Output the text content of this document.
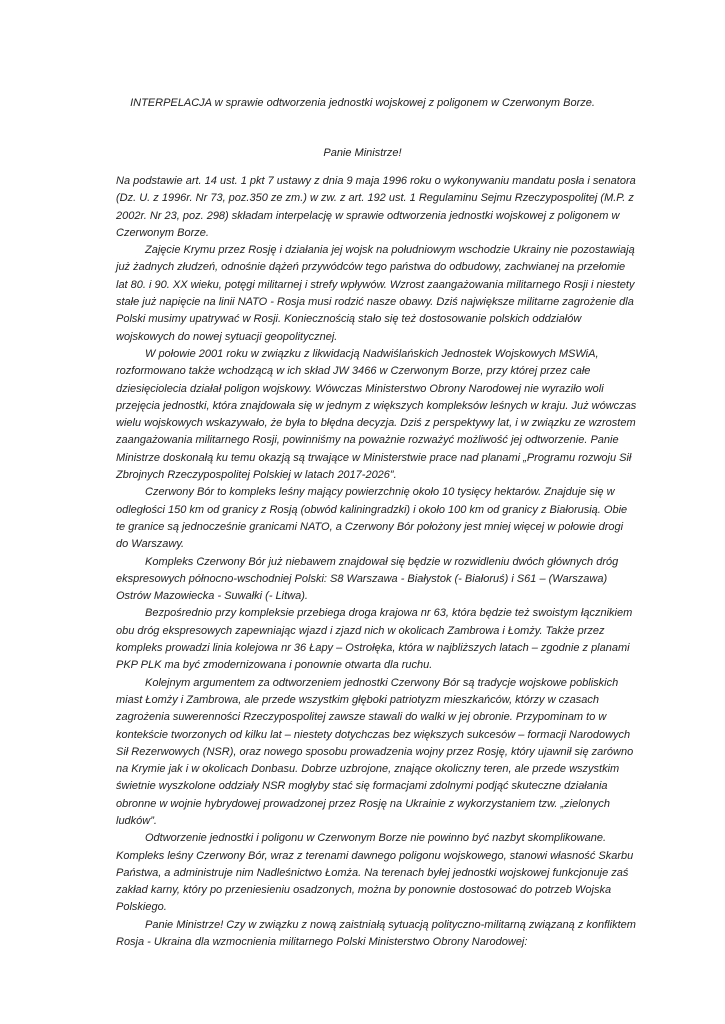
INTERPELACJA w sprawie odtworzenia jednostki wojskowej z poligonem w Czerwonym Borze.
Panie Ministrze!

Na podstawie art. 14 ust. 1 pkt 7 ustawy z dnia 9 maja 1996 roku o wykonywaniu mandatu posła i senatora (Dz. U. z 1996r. Nr 73, poz.350 ze zm.) w zw. z art. 192 ust. 1 Regulaminu Sejmu Rzeczypospolitej (M.P. z 2002r. Nr 23, poz. 298) składam interpelację w sprawie odtworzenia jednostki wojskowej z poligonem w Czerwonym Borze.

Zajęcie Krymu przez Rosję i działania jej wojsk na południowym wschodzie Ukrainy nie pozostawiają już żadnych złudzeń, odnośnie dążeń przywódców tego państwa do odbudowy, zachwianej na przełomie lat 80. i 90. XX wieku, potęgi militarnej i strefy wpływów. Wzrost zaangażowania militarnego Rosji i niestety stałe już napięcie na linii NATO - Rosja musi rodzić nasze obawy. Dziś największe militarne zagrożenie dla Polski musimy upatrywać w Rosji. Koniecznością stało się też dostosowanie polskich oddziałów wojskowych do nowej sytuacji geopolitycznej.

W połowie 2001 roku w związku z likwidacją Nadwiślańskich Jednostek Wojskowych MSWiA, rozformowano także wchodzącą w ich skład JW 3466 w Czerwonym Borze, przy której przez całe dziesięciolecia działał poligon wojskowy. Wówczas Ministerstwo Obrony Narodowej nie wyraziło woli przejęcia jednostki, która znajdowała się w jednym z większych kompleksów leśnych w kraju. Już wówczas wielu wojskowych wskazywało, że była to błędna decyzja. Dziś z perspektywy lat, i w związku ze wzrostem zaangażowania militarnego Rosji, powinniśmy na poważnie rozważyć możliwość jej odtworzenie. Panie Ministrze doskonałą ku temu okazją są trwające w Ministerstwie prace nad planami „Programu rozwoju Sił Zbrojnych Rzeczypospolitej Polskiej w latach 2017-2026”.

Czerwony Bór to kompleks leśny mający powierzchnię około 10 tysięcy hektarów. Znajduje się w odległości 150 km od granicy z Rosją (obwód kaliningradzki) i około 100 km od granicy z Białorusią. Obie te granice są jednocześnie granicami NATO, a Czerwony Bór położony jest mniej więcej w połowie drogi do Warszawy.

Kompleks Czerwony Bór już niebawem znajdował się będzie w rozwidleniu dwóch głównych dróg ekspresowych północno-wschodniej Polski: S8 Warszawa - Białystok (- Białoruś) i S61 – (Warszawa) Ostrów Mazowiecka - Suwałki (- Litwa).

Bezpośrednio przy kompleksie przebiega droga krajowa nr 63, która będzie też swoistym łącznikiem obu dróg ekspresowych zapewniając wjazd i zjazd nich w okolicach Zambrowa i Łomży. Także przez kompleks prowadzi linia kolejowa nr 36 Łapy – Ostrołęka, która w najbliższych latach – zgodnie z planami PKP PLK ma być zmodernizowana i ponownie otwarta dla ruchu.

Kolejnym argumentem za odtworzeniem jednostki Czerwony Bór są tradycje wojskowe pobliskich miast Łomży i Zambrowa, ale przede wszystkim głęboki patriotyzm mieszkańców, którzy w czasach zagrożenia suwerenności Rzeczypospolitej zawsze stawali do walki w jej obronie. Przypominam to w kontekście tworzonych od kilku lat – niestety dotychczas bez większych sukcesów – formacji Narodowych Sił Rezerwowych (NSR), oraz nowego sposobu prowadzenia wojny przez Rosję, który ujawnił się zarówno na Krymie jak i w okolicach Donbasu. Dobrze uzbrojone, znające okoliczny teren, ale przede wszystkim świetnie wyszkolone oddziały NSR mogłyby stać się formacjami zdolnymi podjąć skuteczne działania obronne w wojnie hybrydowej prowadzonej przez Rosję na Ukrainie z wykorzystaniem tzw. „zielonych ludków”.

Odtworzenie jednostki i poligonu w Czerwonym Borze nie powinno być nazbyt skomplikowane. Kompleks leśny Czerwony Bór, wraz z terenami dawnego poligonu wojskowego, stanowi własność Skarbu Państwa, a administruje nim Nadleśnictwo Łomża. Na terenach byłej jednostki wojskowej funkcjonuje zaś zakład karny, który po przeniesieniu osadzonych, można by ponownie dostosować do potrzeb Wojska Polskiego.

Panie Ministrze! Czy w związku z nową zaistniałą sytuacją polityczno-militarną związaną z konfliktem Rosja - Ukraina dla wzmocnienia militarnego Polski Ministerstwo Obrony Narodowej:
